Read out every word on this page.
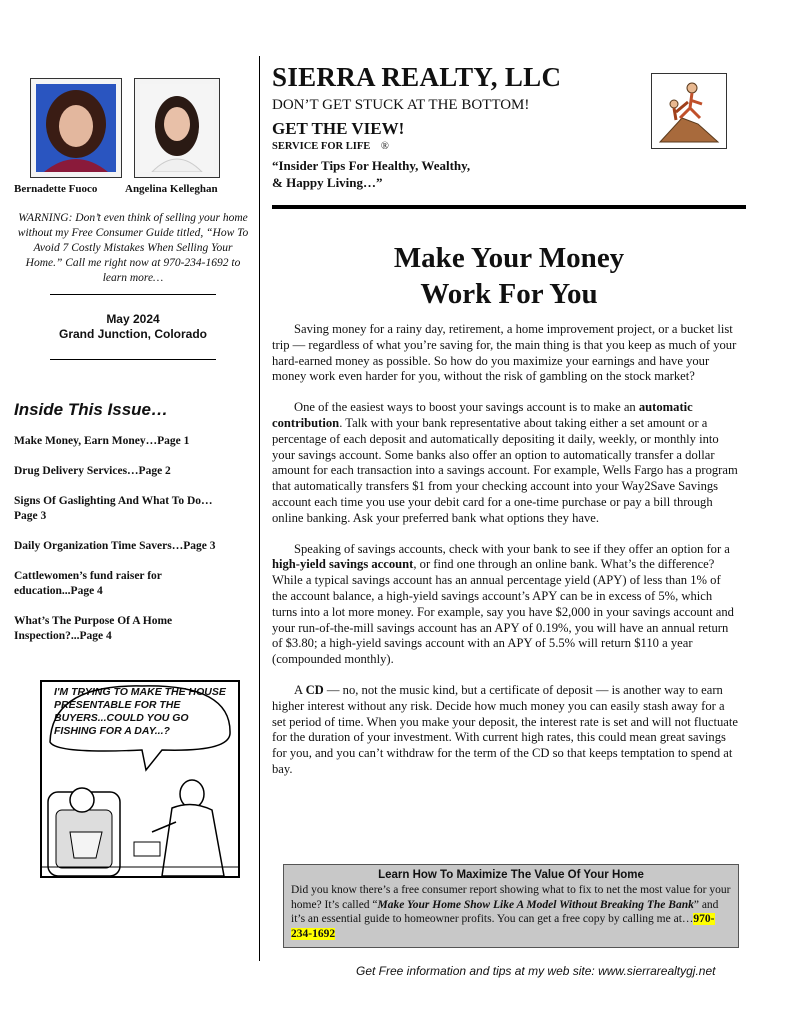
Bernadette Fuoco	Angelina Kelleghan
WARNING: Don’t even think of selling your home without my Free Consumer Guide titled, “How To Avoid 7 Costly Mistakes When Selling Your Home.” Call me right now at 970-234-1692 to learn more…
May 2024
Grand Junction, Colorado
Inside This Issue…
Make Money, Earn Money…Page 1
Drug Delivery Services…Page 2
Signs Of Gaslighting And What To Do…Page 3
Daily Organization Time Savers…Page 3
Cattlewomen’s fund raiser for education...Page 4
What’s The Purpose Of A Home Inspection?...Page 4
I'M TRYING TO MAKE THE HOUSE PRESENTABLE FOR THE BUYERS...COULD YOU GO FISHING FOR A DAY...?
SIERRA REALTY, LLC
DON’T GET STUCK AT THE BOTTOM!
GET THE VIEW!
SERVICE FOR LIFE ®
“Insider Tips For Healthy, Wealthy, & Happy Living…”
Make Your Money
Work For You

Saving money for a rainy day, retirement, a home improvement project, or a bucket list trip — regardless of what you’re saving for, the main thing is that you keep as much of your hard-earned money as possible. So how do you maximize your earnings and have your money work even harder for you, without the risk of gambling on the stock market?

One of the easiest ways to boost your savings account is to make an automatic contribution. Talk with your bank representative about taking either a set amount or a percentage of each deposit and automatically depositing it daily, weekly, or monthly into your savings account. Some banks also offer an option to automatically transfer a dollar amount for each transaction into a savings account. For example, Wells Fargo has a program that automatically transfers $1 from your checking account into your Way2Save Savings account each time you use your debit card for a one-time purchase or pay a bill through online banking. Ask your preferred bank what options they have.

Speaking of savings accounts, check with your bank to see if they offer an option for a high-yield savings account, or find one through an online bank. What’s the difference? While a typical savings account has an annual percentage yield (APY) of less than 1% of the account balance, a high-yield savings account’s APY can be in excess of 5%, which turns into a lot more money. For example, say you have $2,000 in your savings account and your run-of-the-mill savings account has an APY of 0.19%, you will have an annual return of $3.80; a high-yield savings account with an APY of 5.5% will return $110 a year (compounded monthly).

A CD — no, not the music kind, but a certificate of deposit — is another way to earn higher interest without any risk. Decide how much money you can easily stash away for a set period of time. When you make your deposit, the interest rate is set and will not fluctuate for the duration of your investment. With current high rates, this could mean great savings for you, and you can’t withdraw for the term of the CD so that keeps temptation to spend at bay.

Learn How To Maximize The Value Of Your Home
Did you know there’s a free consumer report showing what to fix to net the most value for your home? It’s called “Make Your Home Show Like A Model Without Breaking The Bank” and it’s an essential guide to homeowner profits. You can get a free copy by calling me at…970-234-1692
Get Free information and tips at my web site: www.sierrarealtygj.net
